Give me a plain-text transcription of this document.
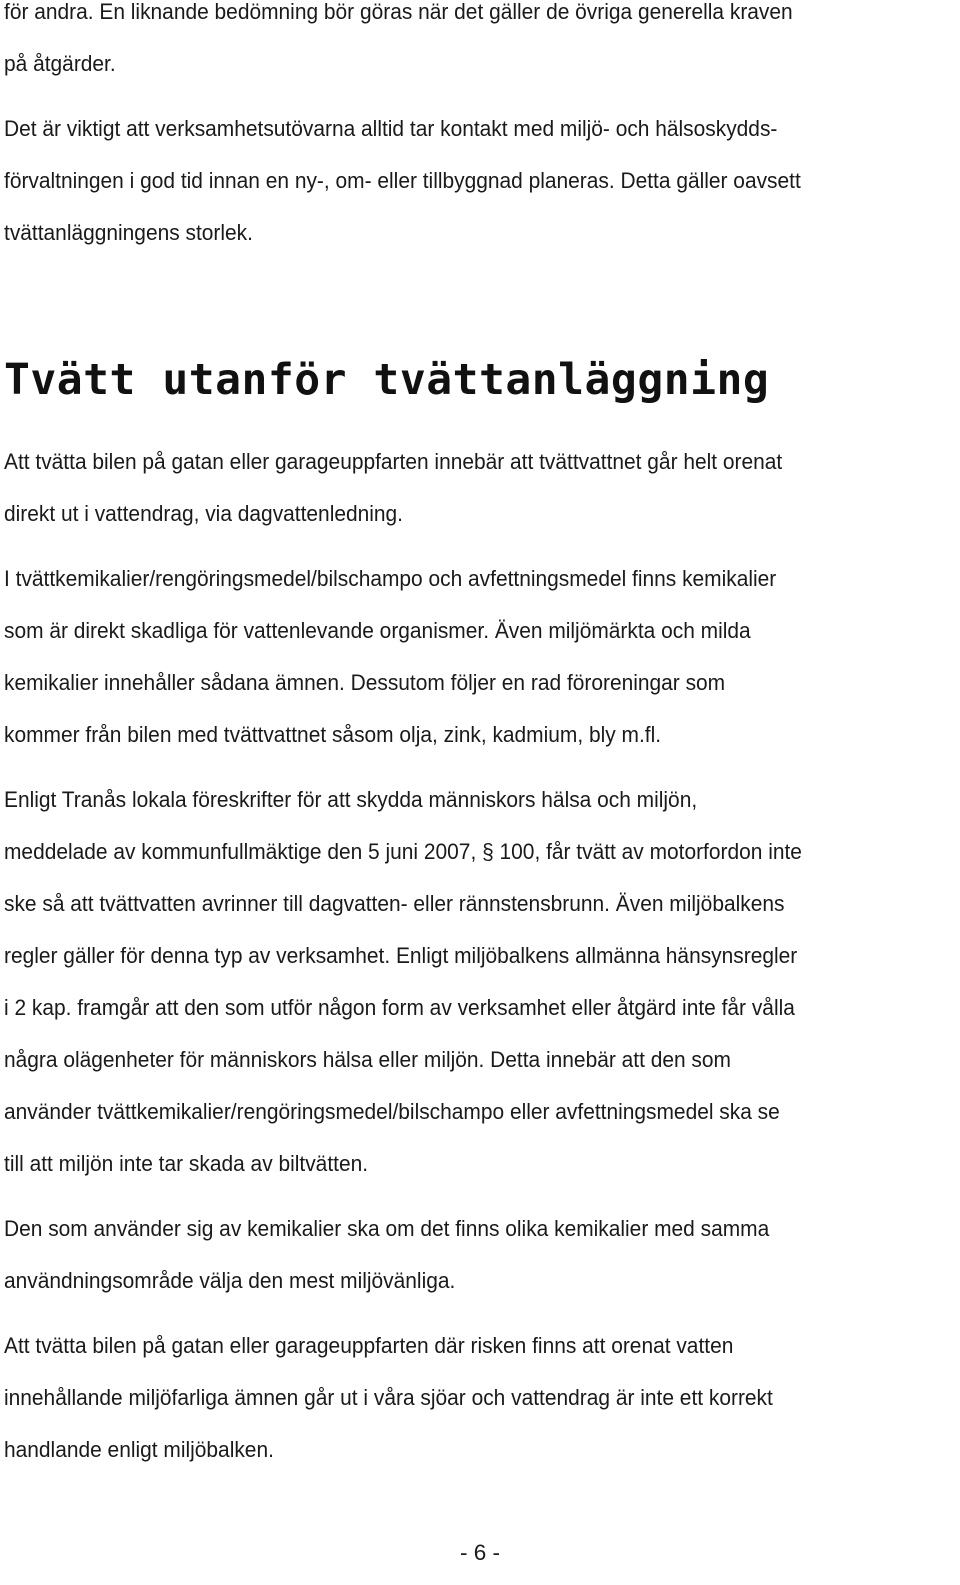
för andra. En liknande bedömning bör göras när det gäller de övriga generella kraven
på åtgärder.
Det är viktigt att verksamhetsutövarna alltid tar kontakt med miljö- och hälsoskydds-
förvaltningen i god tid innan en ny-, om- eller tillbyggnad planeras. Detta gäller oavsett
tvättanläggningens storlek.
Tvätt utanför tvättanläggning
Att tvätta bilen på gatan eller garageuppfarten innebär att tvättvattnet går helt orenat
direkt ut i vattendrag, via dagvattenledning.
I tvättkemikalier/rengöringsmedel/bilschampo och avfettningsmedel finns kemikalier
som är direkt skadliga för vattenlevande organismer. Även miljömärkta och milda
kemikalier innehåller sådana ämnen. Dessutom följer en rad föroreningar som
kommer från bilen med tvättvattnet såsom olja, zink, kadmium, bly m.fl.
Enligt Tranås lokala föreskrifter för att skydda människors hälsa och miljön,
meddelade av kommunfullmäktige den 5 juni 2007, § 100, får tvätt av motorfordon inte
ske så att tvättvatten avrinner till dagvatten- eller rännstensbrunn. Även miljöbalkens
regler gäller för denna typ av verksamhet. Enligt miljöbalkens allmänna hänsynsregler
i 2 kap. framgår att den som utför någon form av verksamhet eller åtgärd inte får vålla
några olägenheter för människors hälsa eller miljön. Detta innebär att den som
använder tvättkemikalier/rengöringsmedel/bilschampo eller avfettningsmedel ska se
till att miljön inte tar skada av biltvätten.
Den som använder sig av kemikalier ska om det finns olika kemikalier med samma
användningsområde välja den mest miljövänliga.
Att tvätta bilen på gatan eller garageuppfarten där risken finns att orenat vatten
innehållande miljöfarliga ämnen går ut i våra sjöar och vattendrag är inte ett korrekt
handlande enligt miljöbalken.
- 6 -
